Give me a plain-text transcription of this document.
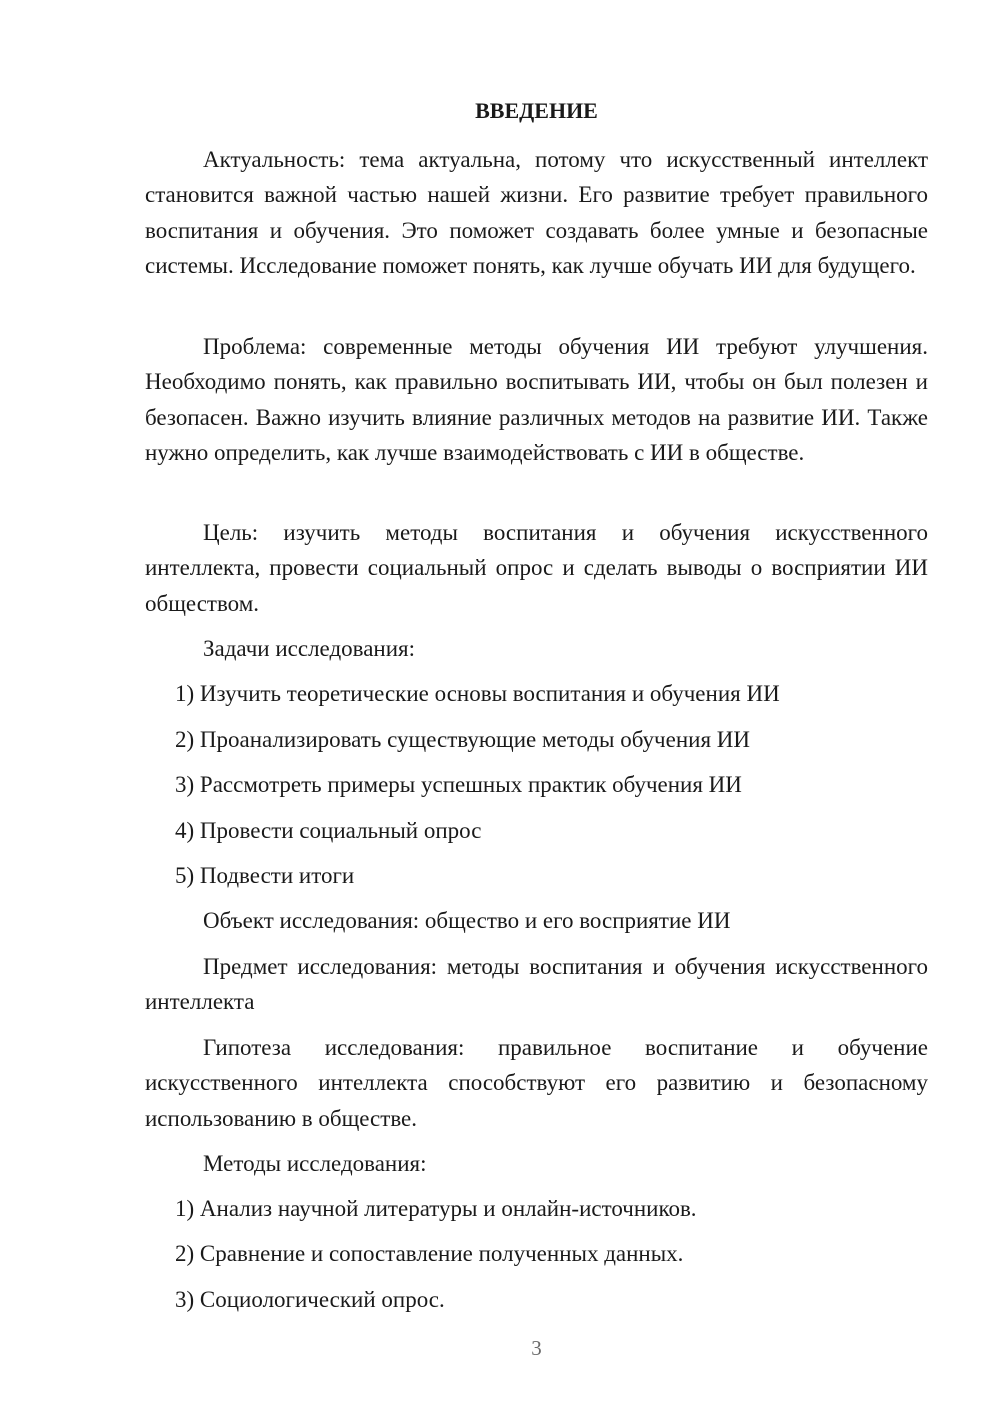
ВВЕДЕНИЕ

Актуальность: тема актуальна, потому что искусственный интеллект становится важной частью нашей жизни. Его развитие требует правильного воспитания и обучения. Это поможет создавать более умные и безопасные системы. Исследование поможет понять, как лучше обучать ИИ для будущего.

Проблема: современные методы обучения ИИ требуют улучшения. Необходимо понять, как правильно воспитывать ИИ, чтобы он был полезен и безопасен. Важно изучить влияние различных методов на развитие ИИ. Также нужно определить, как лучше взаимодействовать с ИИ в обществе.

Цель: изучить методы воспитания и обучения искусственного интеллекта, провести социальный опрос и сделать выводы о восприятии ИИ обществом.

Задачи исследования:
1) Изучить теоретические основы воспитания и обучения ИИ
2) Проанализировать существующие методы обучения ИИ
3) Рассмотреть примеры успешных практик обучения ИИ
4) Провести социальный опрос
5) Подвести итоги
Объект исследования: общество и его восприятие ИИ

Предмет исследования: методы воспитания и обучения искусственного интеллекта

Гипотеза исследования: правильное воспитание и обучение искусственного интеллекта способствуют его развитию и безопасному использованию в обществе.

Методы исследования:
1) Анализ научной литературы и онлайн-источников.
2) Сравнение и сопоставление полученных данных.
3) Социологический опрос.
3
